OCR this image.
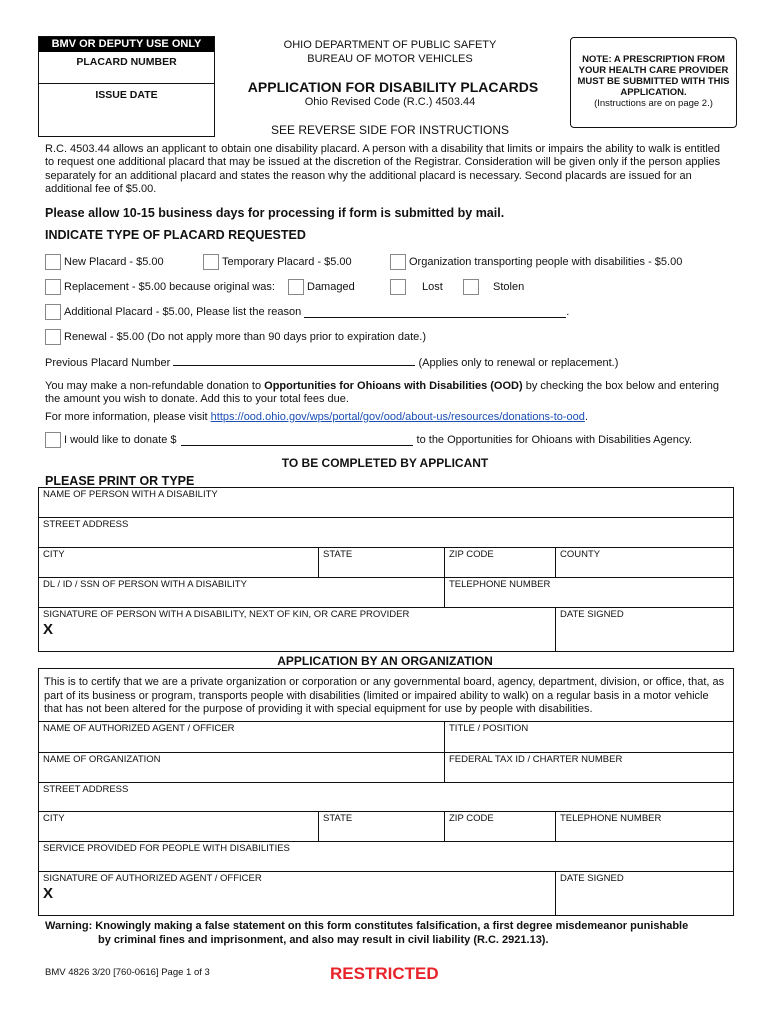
BMV OR DEPUTY USE ONLY
PLACARD NUMBER
ISSUE DATE
OHIO DEPARTMENT OF PUBLIC SAFETY
BUREAU OF MOTOR VEHICLES
APPLICATION FOR DISABILITY PLACARDS
Ohio Revised Code (R.C.) 4503.44
SEE REVERSE SIDE FOR INSTRUCTIONS
NOTE: A PRESCRIPTION FROM YOUR HEALTH CARE PROVIDER MUST BE SUBMITTED WITH THIS APPLICATION.
(Instructions are on page 2.)
R.C. 4503.44 allows an applicant to obtain one disability placard. A person with a disability that limits or impairs the ability to walk is entitled to request one additional placard that may be issued at the discretion of the Registrar. Consideration will be given only if the person applies separately for an additional placard and states the reason why the additional placard is necessary. Second placards are issued for an additional fee of $5.00.
Please allow 10-15 business days for processing if form is submitted by mail.
INDICATE TYPE OF PLACARD REQUESTED
New Placard - $5.00	Temporary Placard - $5.00	Organization transporting people with disabilities - $5.00
Replacement - $5.00 because original was:	Damaged	Lost	Stolen
Additional Placard - $5.00, Please list the reason	.
Renewal - $5.00 (Do not apply more than 90 days prior to expiration date.)
Previous Placard Number	(Applies only to renewal or replacement.)
You may make a non-refundable donation to Opportunities for Ohioans with Disabilities (OOD) by checking the box below and entering the amount you wish to donate. Add this to your total fees due.
For more information, please visit https://ood.ohio.gov/wps/portal/gov/ood/about-us/resources/donations-to-ood.
I would like to donate $	to the Opportunities for Ohioans with Disabilities Agency.
TO BE COMPLETED BY APPLICANT
PLEASE PRINT OR TYPE
NAME OF PERSON WITH A DISABILITY
STREET ADDRESS
CITY	STATE	ZIP CODE	COUNTY
DL / ID / SSN OF PERSON WITH A DISABILITY	TELEPHONE NUMBER
SIGNATURE OF PERSON WITH A DISABILITY, NEXT OF KIN, OR CARE PROVIDER
X
DATE SIGNED
APPLICATION BY AN ORGANIZATION
This is to certify that we are a private organization or corporation or any governmental board, agency, department, division, or office, that, as part of its business or program, transports people with disabilities (limited or impaired ability to walk) on a regular basis in a motor vehicle that has not been altered for the purpose of providing it with special equipment for use by people with disabilities.
NAME OF AUTHORIZED AGENT / OFFICER	TITLE / POSITION
NAME OF ORGANIZATION	FEDERAL TAX ID / CHARTER NUMBER
STREET ADDRESS
CITY	STATE	ZIP CODE	TELEPHONE NUMBER
SERVICE PROVIDED FOR PEOPLE WITH DISABILITIES
SIGNATURE OF AUTHORIZED AGENT / OFFICER
X
DATE SIGNED
Warning: Knowingly making a false statement on this form constitutes falsification, a first degree misdemeanor punishable
by criminal fines and imprisonment, and also may result in civil liability (R.C. 2921.13).
BMV 4826 3/20 [760-0616] Page 1 of 3	RESTRICTED
